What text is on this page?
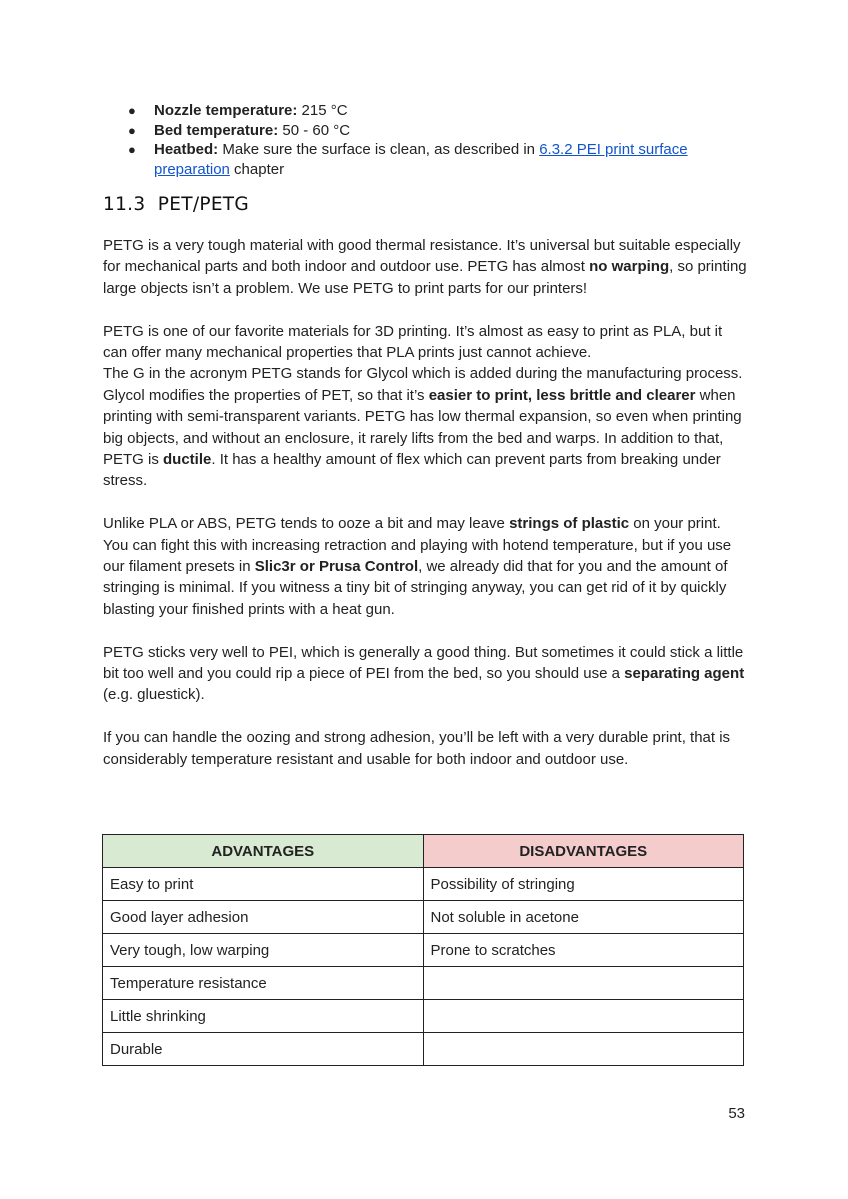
● Nozzle temperature: 215 °C
● Bed temperature: 50 - 60 °C
● Heatbed: Make sure the surface is clean, as described in 6.3.2 PEI print surface preparation chapter
11.3 PET/PETG

PETG is a very tough material with good thermal resistance. It’s universal but suitable especially for mechanical parts and both indoor and outdoor use. PETG has almost no warping, so printing large objects isn’t a problem. We use PETG to print parts for our printers!

PETG is one of our favorite materials for 3D printing. It’s almost as easy to print as PLA, but it can offer many mechanical properties that PLA prints just cannot achieve.
The G in the acronym PETG stands for Glycol which is added during the manufacturing process. Glycol modifies the properties of PET, so that it’s easier to print, less brittle and clearer when printing with semi-transparent variants. PETG has low thermal expansion, so even when printing big objects, and without an enclosure, it rarely lifts from the bed and warps. In addition to that, PETG is ductile. It has a healthy amount of flex which can prevent parts from breaking under stress.

Unlike PLA or ABS, PETG tends to ooze a bit and may leave strings of plastic on your print. You can fight this with increasing retraction and playing with hotend temperature, but if you use our filament presets in Slic3r or Prusa Control, we already did that for you and the amount of stringing is minimal. If you witness a tiny bit of stringing anyway, you can get rid of it by quickly blasting your finished prints with a heat gun.

PETG sticks very well to PEI, which is generally a good thing. But sometimes it could stick a little bit too well and you could rip a piece of PEI from the bed, so you should use a separating agent (e.g. gluestick).

If you can handle the oozing and strong adhesion, you’ll be left with a very durable print, that is considerably temperature resistant and usable for both indoor and outdoor use.

ADVANTAGES	DISADVANTAGES
Easy to print	Possibility of stringing
Good layer adhesion	Not soluble in acetone
Very tough, low warping	Prone to scratches
Temperature resistance	
Little shrinking	
Durable	
53
